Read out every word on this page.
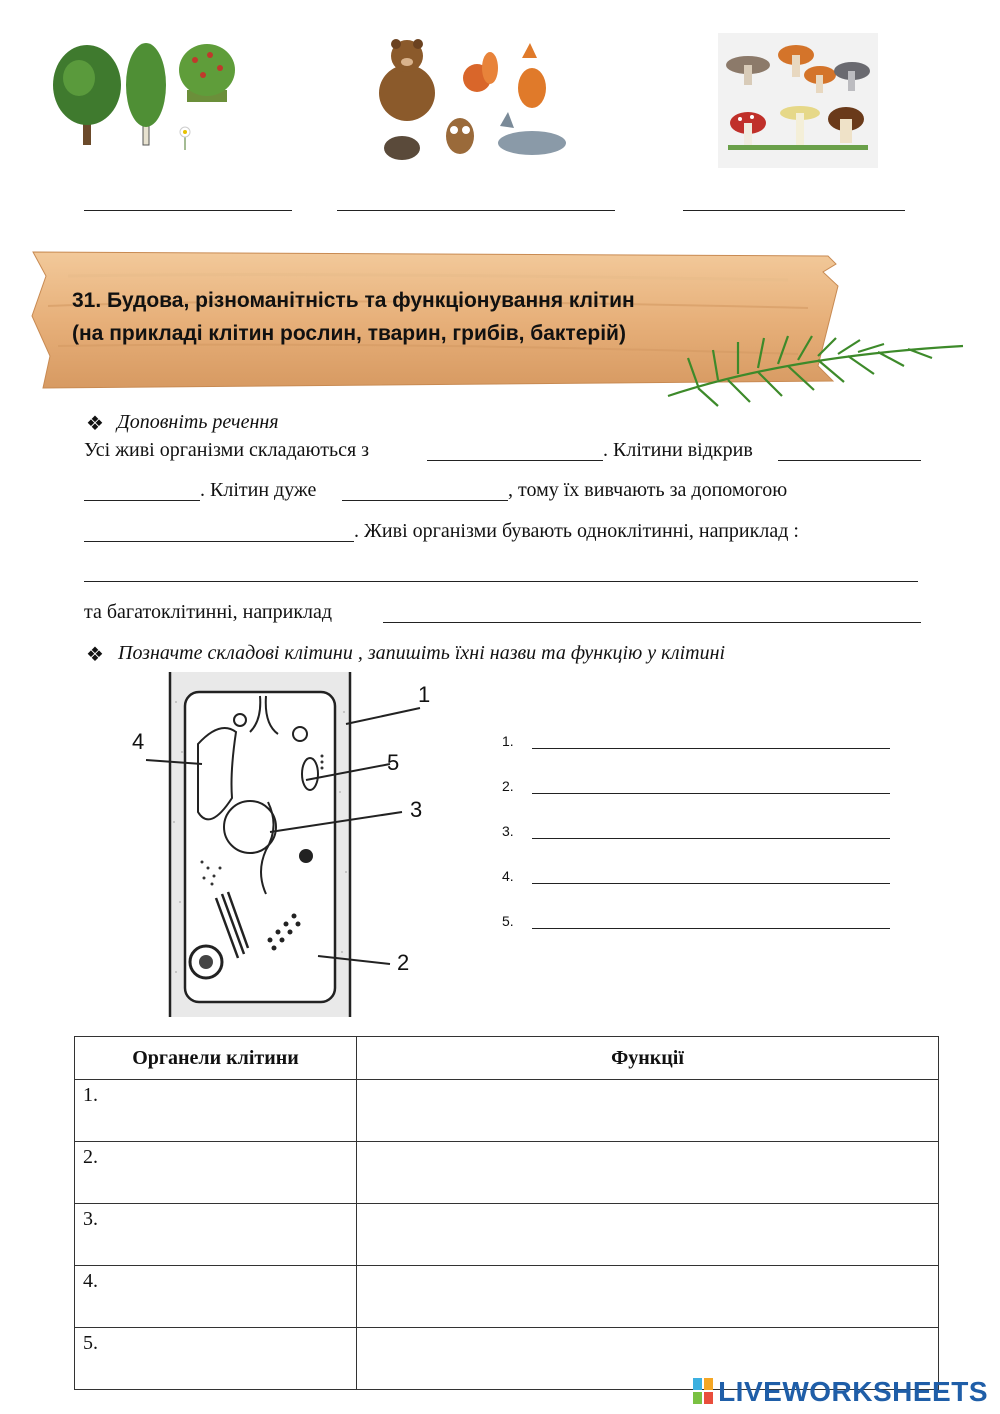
31. Будова, різноманітність та функціонування клітин
(на прикладі клітин рослин, тварин, грибів, бактерій)
❖ Доповніть речення
Усі живі організми складаються з	. Клітини відкрив
. Клітин дуже	, тому їх вивчають за допомогою
. Живі організми бувають одноклітинні, наприклад :
та багатоклітинні, наприклад
❖ Позначте складові клітини , запишіть їхні назви та функцію у клітині
1
2
3
4
5
1.
2.
3.
4.
5.
Органели клітини	Функції
1.	
2.	
3.	
4.	
5.	
LIVEWORKSHEETS
